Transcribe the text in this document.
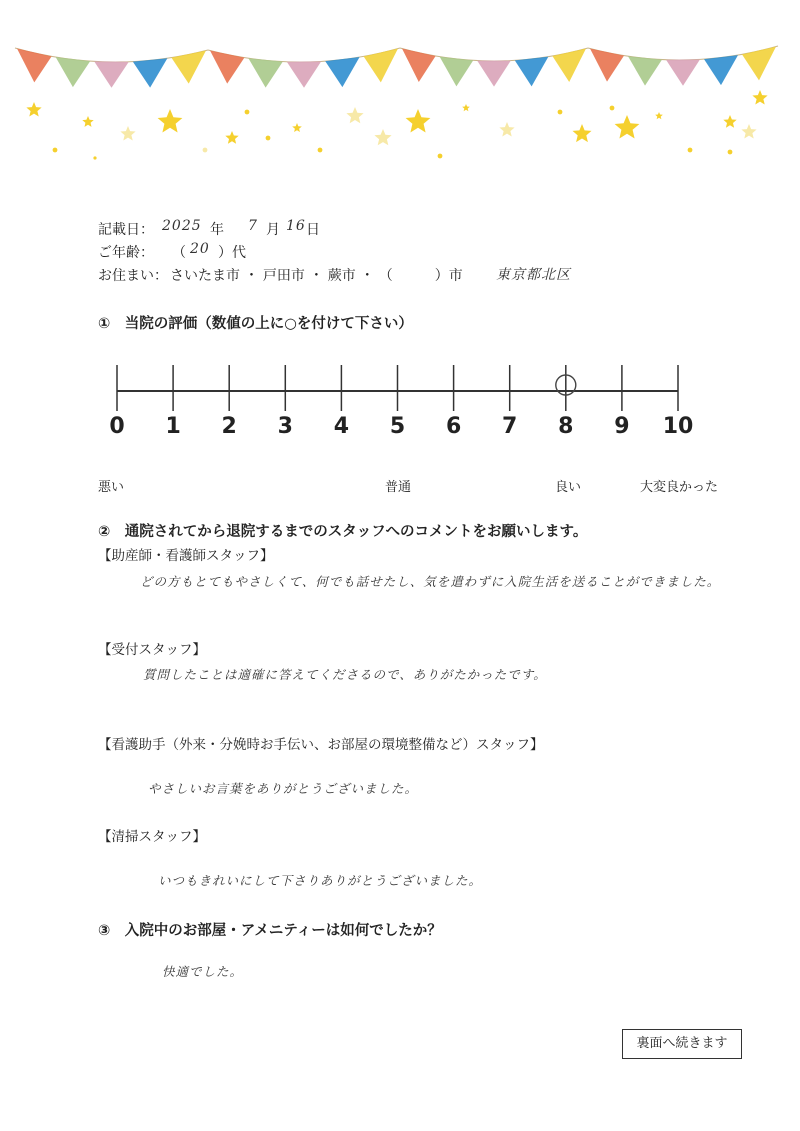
記載日： 2025 年 7 月 16 日
ご年齢： （ 20 ）代
お住まい： さいたま市 ・ 戸田市 ・ 蕨市 ・ （　　　）市 東京都北区
①　当院の評価（数値の上に○を付けて下さい）
0 1 2 3 4 5 6 7 8 9 10
悪い	普通	良い	大変良かった
②　通院されてから退院するまでのスタッフへのコメントをお願いします。
【助産師・看護師スタッフ】
どの方もとてもやさしくて、何でも話せたし、気を遣わずに入院生活を送ることができました。
【受付スタッフ】
質問したことは適確に答えてくださるので、ありがたかったです。
【看護助手（外来・分娩時お手伝い、お部屋の環境整備など）スタッフ】
やさしいお言葉をありがとうございました。
【清掃スタッフ】
いつもきれいにして下さりありがとうございました。
③　入院中のお部屋・アメニティーは如何でしたか？
快適でした。
裏面へ続きます
